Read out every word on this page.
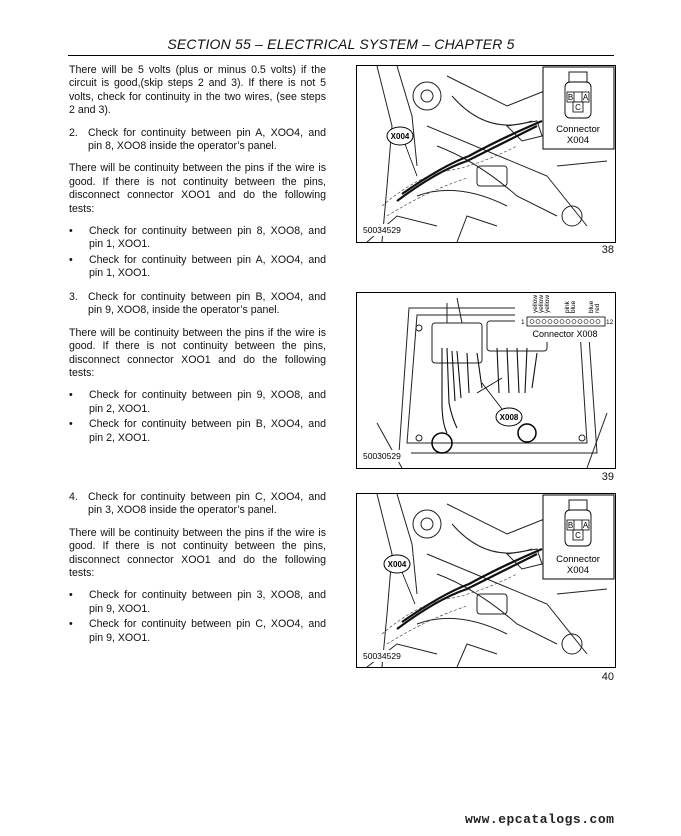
SECTION 55 – ELECTRICAL SYSTEM – CHAPTER 5

There will be 5 volts (plus or minus 0.5 volts) if the circuit is good,(skip steps 2 and 3). If there is not 5 volts, check for continuity in the two wires, (see steps 2 and 3).

2. Check for continuity between pin A, XOO4, and pin 8, XOO8 inside the operator’s panel.

There will be continuity between the pins if the wire is good. If there is not continuity between the pins, disconnect connector XOO1 and do the following tests:

•	Check for continuity between pin 8, XOO8, and pin 1, XOO1.
•	Check for continuity between pin A, XOO4, and pin 1, XOO1.
3. Check for continuity between pin B, XOO4, and pin 9, XOO8, inside the operator’s panel.

There will be continuity between the pins if the wire is good. If there is not continuity between the pins, disconnect connector XOO1 and do the following tests:

•	Check for continuity between pin 9, XOO8, and pin 2, XOO1.
•	Check for continuity between pin B, XOO4, and pin 2, XOO1.
4. Check for continuity between pin C, XOO4, and pin 3, XOO8 inside the operator’s panel.

There will be continuity between the pins if the wire is good. If there is not continuity between the pins, disconnect connector XOO1 and do the following tests:

•	Check for continuity between pin 3, XOO8, and pin 9, XOO1.
•	Check for continuity between pin C, XOO4, and pin 9, XOO1.
X004
B A
C
Connector
X004
50034529
38
yellow yellow yellow pink blue blue red
1	12
Connector X008
X008
50030529
39
X004
B A
C
Connector
X004
50034529
40
www.epcatalogs.com
